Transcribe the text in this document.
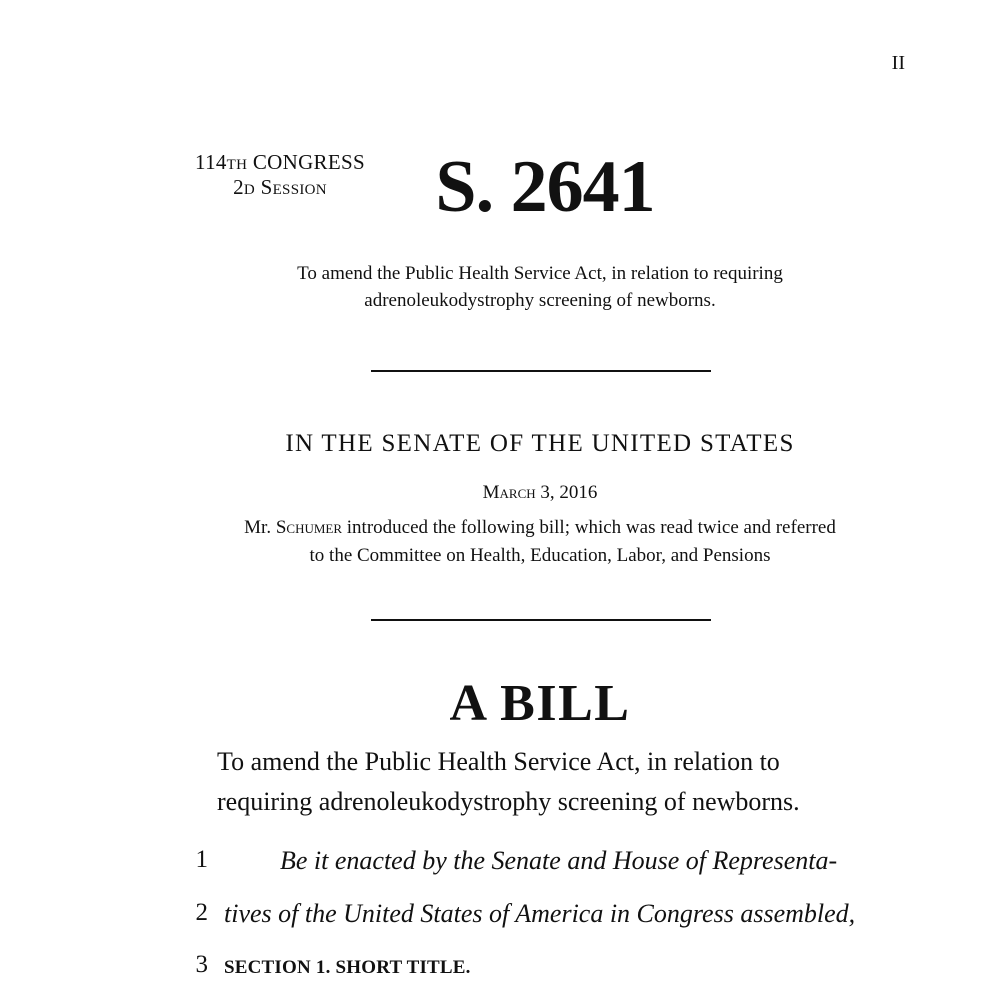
II
114th CONGRESS
2d Session	S. 2641
To amend the Public Health Service Act, in relation to requiring
adrenoleukodystrophy screening of newborns.
IN THE SENATE OF THE UNITED STATES
March 3, 2016
Mr. Schumer introduced the following bill; which was read twice and referred
to the Committee on Health, Education, Labor, and Pensions
A BILL
To amend the Public Health Service Act, in relation to
requiring adrenoleukodystrophy screening of newborns.
1	Be it enacted by the Senate and House of Representa-
2 tives of the United States of America in Congress assembled,
3 SECTION 1. SHORT TITLE.
